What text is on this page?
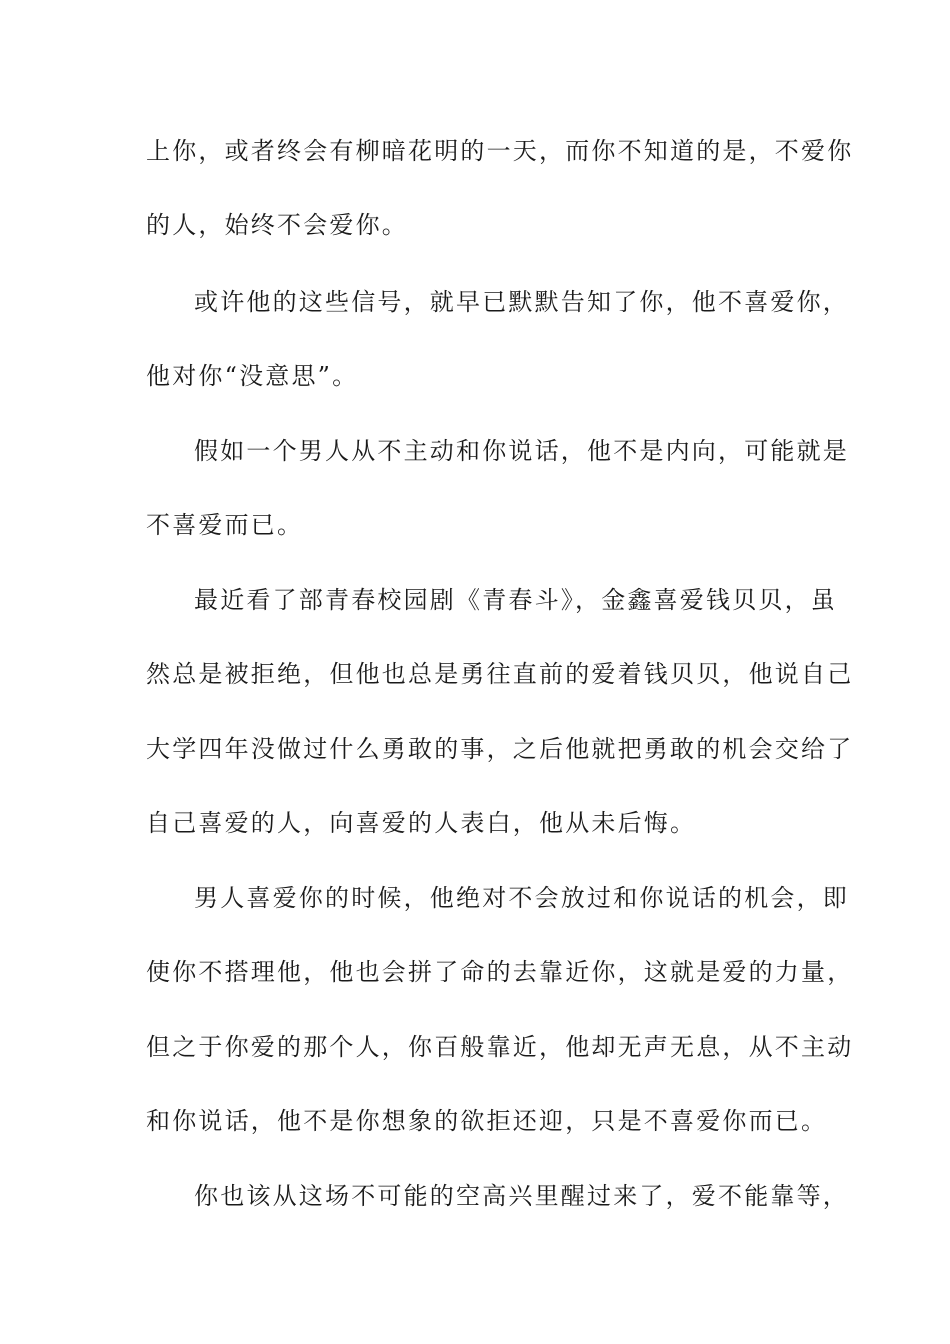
上你，或者终会有柳暗花明的一天，而你不知道的是，不爱你
的人，始终不会爱你。
或许他的这些信号，就早已默默告知了你，他不喜爱你，
他对你“没意思”。
假如一个男人从不主动和你说话，他不是内向，可能就是
不喜爱而已。
最近看了部青春校园剧《青春斗》，金鑫喜爱钱贝贝，虽
然总是被拒绝，但他也总是勇往直前的爱着钱贝贝，他说自己
大学四年没做过什么勇敢的事，之后他就把勇敢的机会交给了
自己喜爱的人，向喜爱的人表白，他从未后悔。
男人喜爱你的时候，他绝对不会放过和你说话的机会，即
使你不搭理他，他也会拼了命的去靠近你，这就是爱的力量，
但之于你爱的那个人，你百般靠近，他却无声无息，从不主动
和你说话，他不是你想象的欲拒还迎，只是不喜爱你而已。
你也该从这场不可能的空高兴里醒过来了，爱不能靠等，
